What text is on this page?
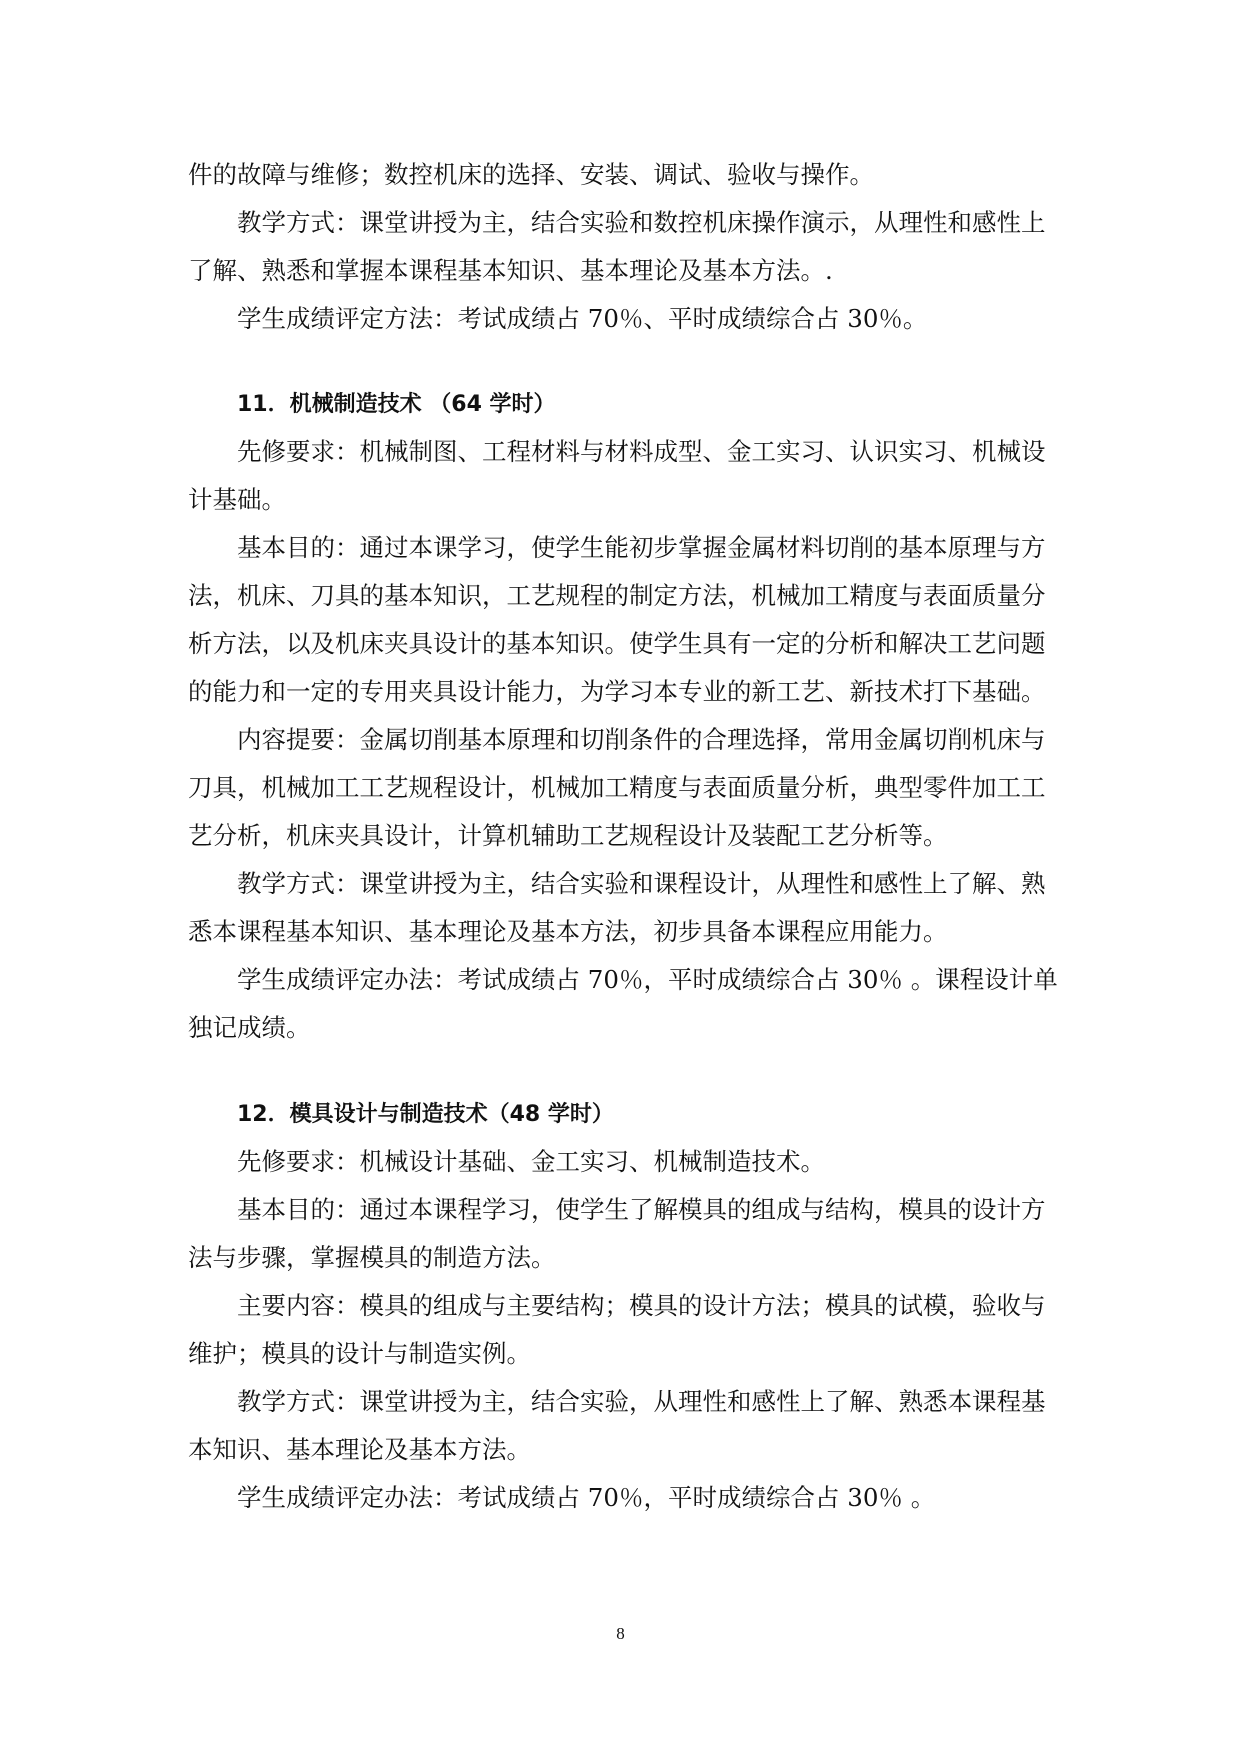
件的故障与维修；数控机床的选择、安装、调试、验收与操作。

教学方式：课堂讲授为主，结合实验和数控机床操作演示，从理性和感性上

了解、熟悉和掌握本课程基本知识、基本理论及基本方法。.

学生成绩评定方法：考试成绩占 70％、平时成绩综合占 30％。

11．机械制造技术 （64 学时）

先修要求：机械制图、工程材料与材料成型、金工实习、认识实习、机械设

计基础。

基本目的：通过本课学习，使学生能初步掌握金属材料切削的基本原理与方

法，机床、刀具的基本知识，工艺规程的制定方法，机械加工精度与表面质量分

析方法，以及机床夹具设计的基本知识。使学生具有一定的分析和解决工艺问题

的能力和一定的专用夹具设计能力，为学习本专业的新工艺、新技术打下基础。

内容提要：金属切削基本原理和切削条件的合理选择，常用金属切削机床与

刀具，机械加工工艺规程设计，机械加工精度与表面质量分析，典型零件加工工

艺分析，机床夹具设计，计算机辅助工艺规程设计及装配工艺分析等。

教学方式：课堂讲授为主，结合实验和课程设计，从理性和感性上了解、熟

悉本课程基本知识、基本理论及基本方法，初步具备本课程应用能力。

学生成绩评定办法：考试成绩占 70％，平时成绩综合占 30％ 。课程设计单

独记成绩。

12．模具设计与制造技术（48 学时）

先修要求：机械设计基础、金工实习、机械制造技术。

基本目的：通过本课程学习，使学生了解模具的组成与结构，模具的设计方

法与步骤，掌握模具的制造方法。

主要内容：模具的组成与主要结构；模具的设计方法；模具的试模，验收与

维护；模具的设计与制造实例。

教学方式：课堂讲授为主，结合实验，从理性和感性上了解、熟悉本课程基

本知识、基本理论及基本方法。

学生成绩评定办法：考试成绩占 70％，平时成绩综合占 30％ 。

8
